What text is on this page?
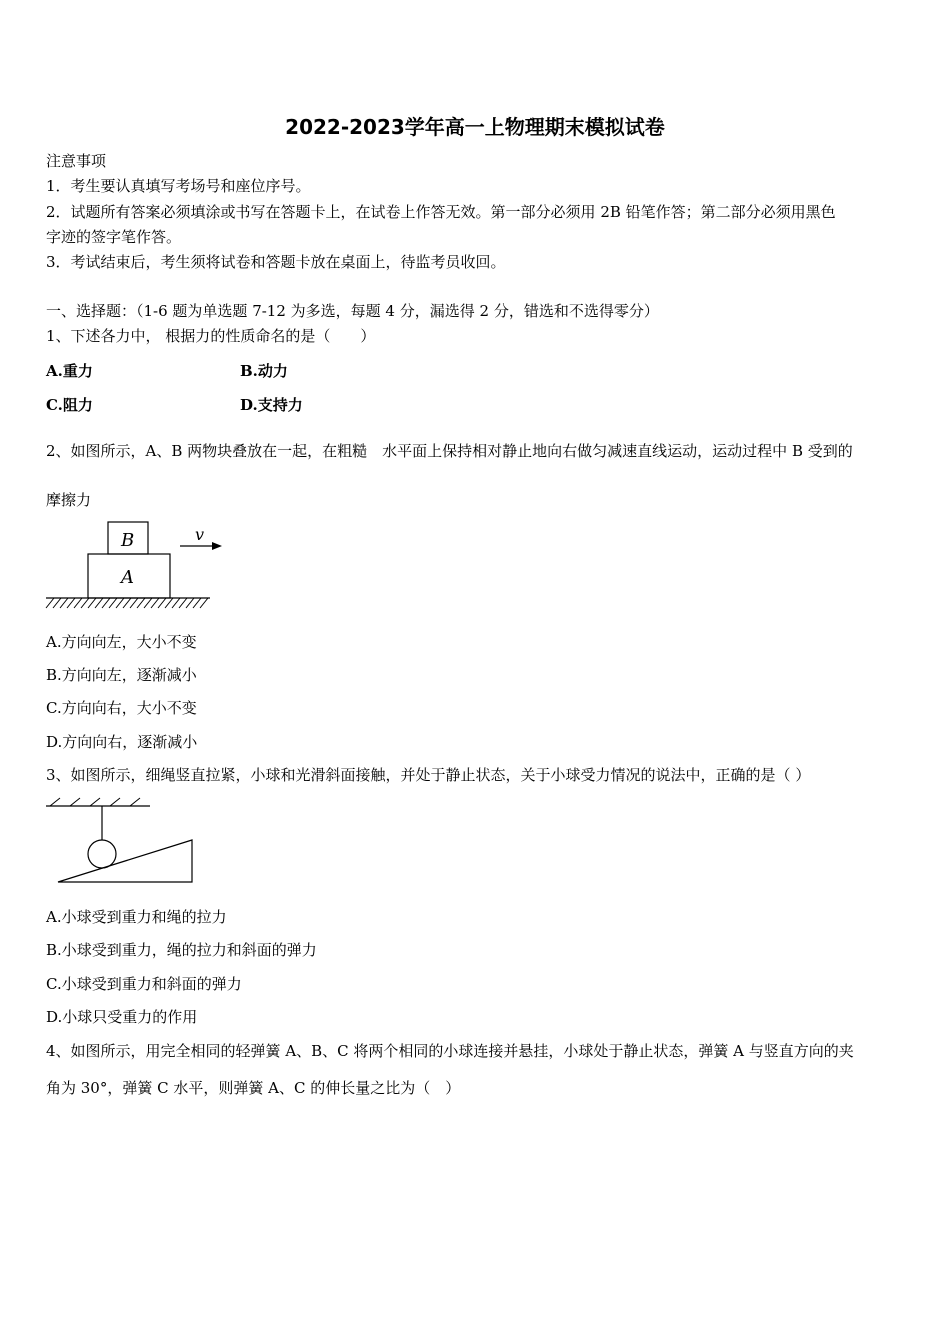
2022-2023学年高一上物理期末模拟试卷
注意事项
1．考生要认真填写考场号和座位序号。
2．试题所有答案必须填涂或书写在答题卡上，在试卷上作答无效。第一部分必须用 2B 铅笔作答；第二部分必须用黑色
字迹的签字笔作答。
3．考试结束后，考生须将试卷和答题卡放在桌面上，待监考员收回。
一、选择题：（1-6 题为单选题 7-12 为多选，每题 4 分，漏选得 2 分，错选和不选得零分）
1、下述各力中， 根据力的性质命名的是（　　）
A.重力	B.动力
C.阻力	D.支持力
2、如图所示，A、B 两物块叠放在一起，在粗糙　水平面上保持相对静止地向右做匀减速直线运动，运动过程中 B 受到的
摩擦力
B
A
v
A.方向向左，大小不变
B.方向向左，逐渐减小
C.方向向右，大小不变
D.方向向右，逐渐减小
3、如图所示，细绳竖直拉紧，小球和光滑斜面接触，并处于静止状态，关于小球受力情况的说法中，正确的是（ ）
A.小球受到重力和绳的拉力
B.小球受到重力，绳的拉力和斜面的弹力
C.小球受到重力和斜面的弹力
D.小球只受重力的作用
4、如图所示，用完全相同的轻弹簧 A、B、C 将两个相同的小球连接并悬挂，小球处于静止状态，弹簧 A 与竖直方向的夹
角为 30°，弹簧 C 水平，则弹簧 A、C 的伸长量之比为（　）
